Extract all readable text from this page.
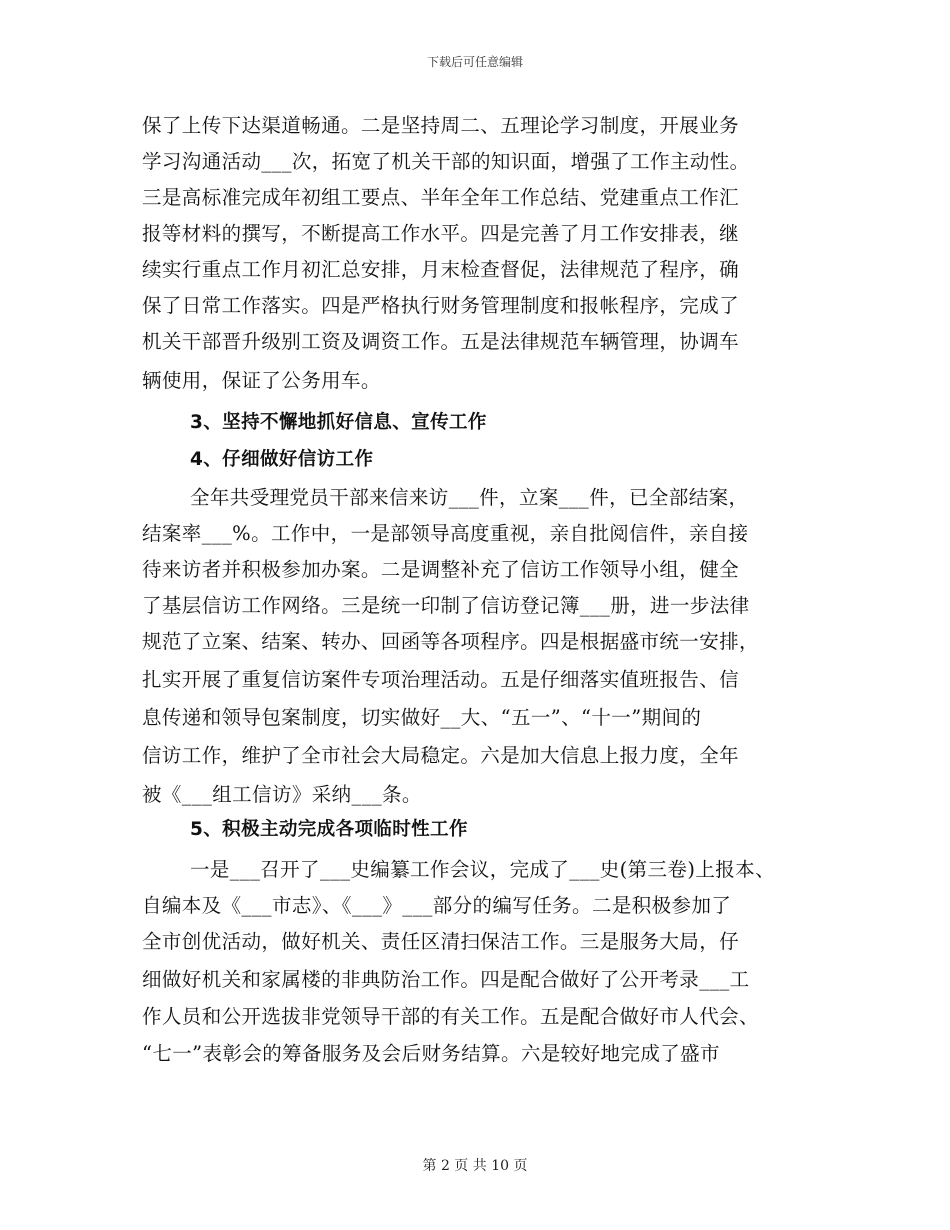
下载后可任意编辑
保了上传下达渠道畅通。二是坚持周二、五理论学习制度，开展业务
学习沟通活动___次，拓宽了机关干部的知识面，增强了工作主动性。
三是高标准完成年初组工要点、半年全年工作总结、党建重点工作汇
报等材料的撰写，不断提高工作水平。四是完善了月工作安排表，继
续实行重点工作月初汇总安排，月末检查督促，法律规范了程序，确
保了日常工作落实。四是严格执行财务管理制度和报帐程序，完成了
机关干部晋升级别工资及调资工作。五是法律规范车辆管理，协调车
辆使用，保证了公务用车。
3、坚持不懈地抓好信息、宣传工作
4、仔细做好信访工作
全年共受理党员干部来信来访___件，立案___件，已全部结案，
结案率___%。工作中，一是部领导高度重视，亲自批阅信件，亲自接
待来访者并积极参加办案。二是调整补充了信访工作领导小组，健全
了基层信访工作网络。三是统一印制了信访登记簿___册，进一步法律
规范了立案、结案、转办、回函等各项程序。四是根据盛市统一安排，
扎实开展了重复信访案件专项治理活动。五是仔细落实值班报告、信
息传递和领导包案制度，切实做好__大、“五一”、“十一”期间的
信访工作，维护了全市社会大局稳定。六是加大信息上报力度，全年
被《___组工信访》采纳___条。
5、积极主动完成各项临时性工作
一是___召开了___史编纂工作会议，完成了___史(第三卷)上报本、
自编本及《___市志》、《___》___部分的编写任务。二是积极参加了
全市创优活动，做好机关、责任区清扫保洁工作。三是服务大局，仔
细做好机关和家属楼的非典防治工作。四是配合做好了公开考录___工
作人员和公开选拔非党领导干部的有关工作。五是配合做好市人代会、
“七一”表彰会的筹备服务及会后财务结算。六是较好地完成了盛市
第 2 页 共 10 页
